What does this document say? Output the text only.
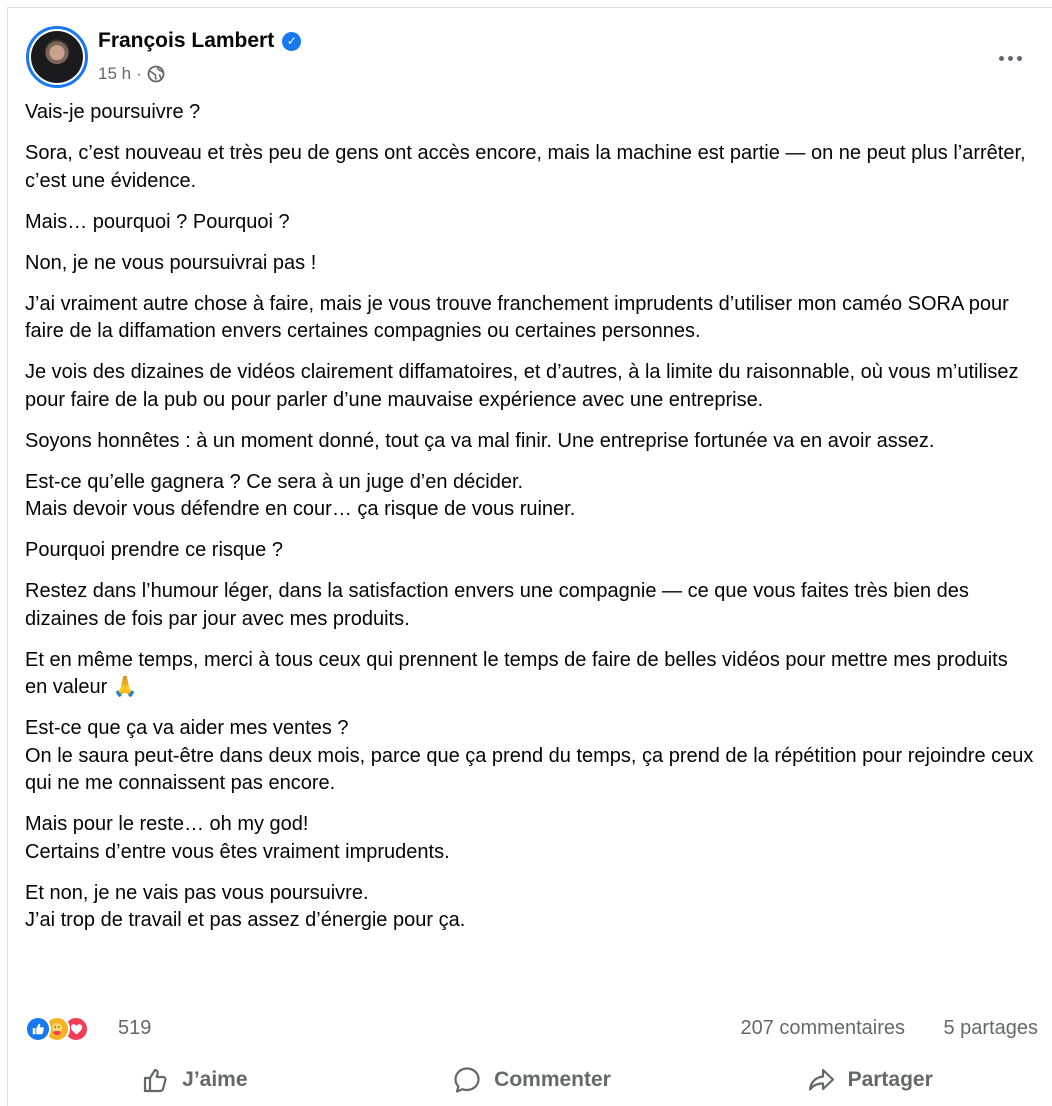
François Lambert	✓
15 h ·

Vais-je poursuivre ?

Sora, c’est nouveau et très peu de gens ont accès encore, mais la machine est partie — on ne peut plus l’arrêter, c’est une évidence.

Mais… pourquoi ? Pourquoi ?

Non, je ne vous poursuivrai pas !

J’ai vraiment autre chose à faire, mais je vous trouve franchement imprudents d’utiliser mon caméo SORA pour faire de la diffamation envers certaines compagnies ou certaines personnes.

Je vois des dizaines de vidéos clairement diffamatoires, et d’autres, à la limite du raisonnable, où vous m’utilisez pour faire de la pub ou pour parler d’une mauvaise expérience avec une entreprise.

Soyons honnêtes : à un moment donné, tout ça va mal finir. Une entreprise fortunée va en avoir assez.

Est-ce qu’elle gagnera ? Ce sera à un juge d’en décider.
Mais devoir vous défendre en cour… ça risque de vous ruiner.

Pourquoi prendre ce risque ?

Restez dans l’humour léger, dans la satisfaction envers une compagnie — ce que vous faites très bien des dizaines de fois par jour avec mes produits.

Et en même temps, merci à tous ceux qui prennent le temps de faire de belles vidéos pour mettre mes produits en valeur 🙏

Est-ce que ça va aider mes ventes ?
On le saura peut-être dans deux mois, parce que ça prend du temps, ça prend de la répétition pour rejoindre ceux qui ne me connaissent pas encore.

Mais pour le reste… oh my god!
Certains d’entre vous êtes vraiment imprudents.

Et non, je ne vais pas vous poursuivre.
J’ai trop de travail et pas assez d’énergie pour ça.

519	207 commentaires 5 partages
J’aime	Commenter	Partager
